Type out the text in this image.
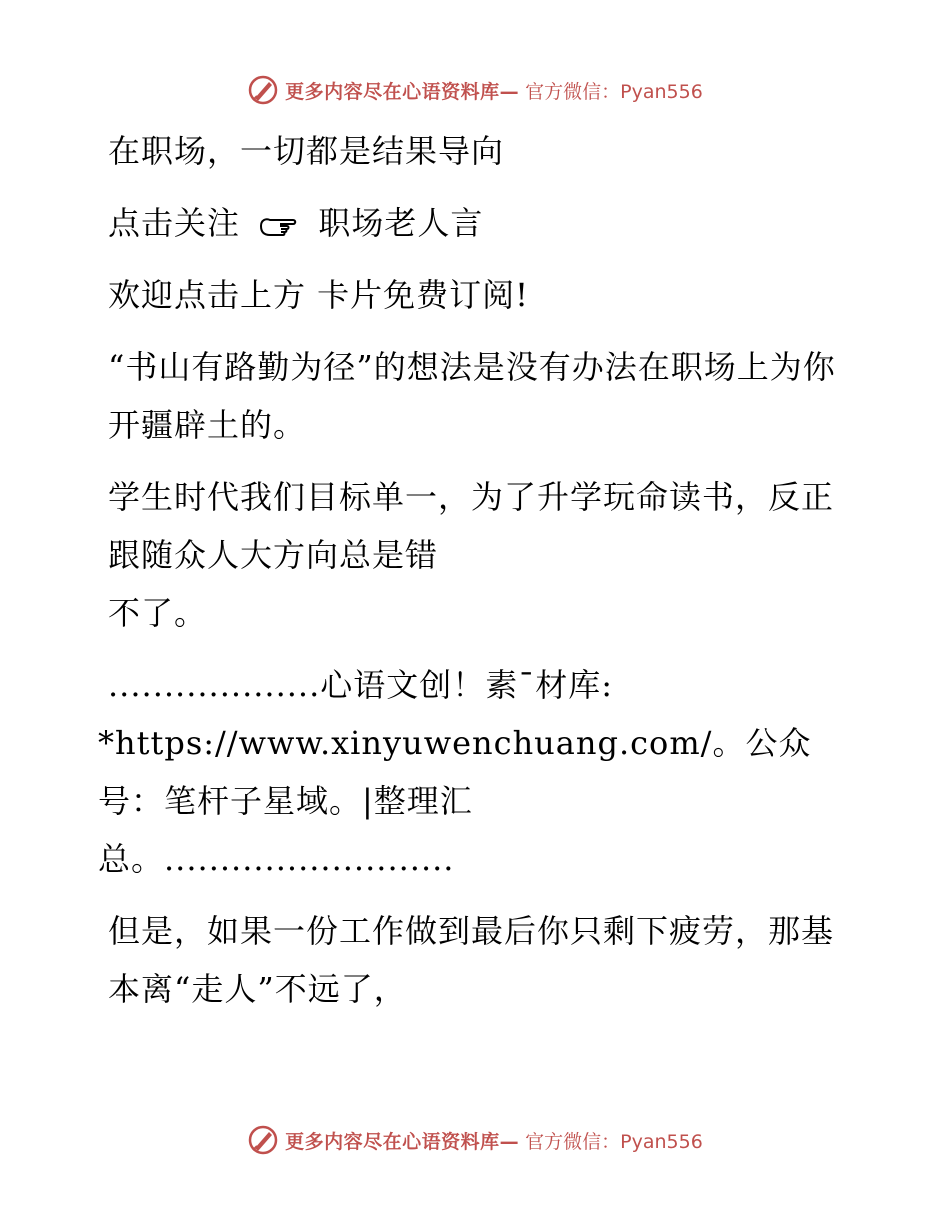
更多内容尽在心语资料库— 官方微信：Pyan556

在职场，一切都是结果导向

点击关注 职场老人言

欢迎点击上方 卡片免费订阅!

“书山有路勤为径”的想法是没有办法在职场上为你开疆辟土的。

学生时代我们目标单一，为了升学玩命读书，反正跟随众人大方向总是错

不了。

...................心语文创！素¯材库:

*https://www.xinyuwenchuang.com/。公众号：笔杆子星域。|整理汇

总。..........................

但是，如果一份工作做到最后你只剩下疲劳，那基本离“走人”不远了，

更多内容尽在心语资料库— 官方微信：Pyan556
